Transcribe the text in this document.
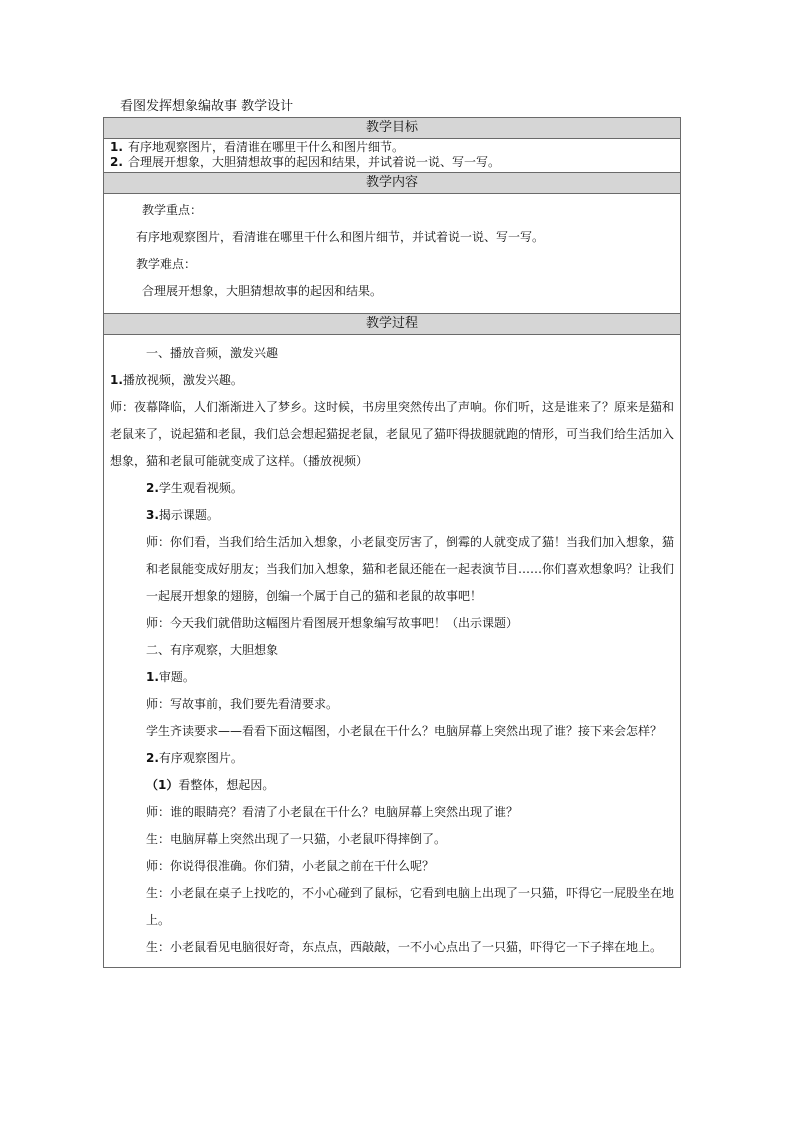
看图发挥想象编故事 教学设计
教学目标
1. 有序地观察图片，看清谁在哪里干什么和图片细节。
2. 合理展开想象，大胆猜想故事的起因和结果，并试着说一说、写一写。
教学内容

教学重点：

有序地观察图片，看清谁在哪里干什么和图片细节，并试着说一说、写一写。

教学难点：

合理展开想象，大胆猜想故事的起因和结果。

教学过程

一、播放音频，激发兴趣

1.播放视频，激发兴趣。

师：夜幕降临，人们渐渐进入了梦乡。这时候，书房里突然传出了声响。你们听，这是谁来了？原来是猫和老鼠来了，说起猫和老鼠，我们总会想起猫捉老鼠，老鼠见了猫吓得拔腿就跑的情形，可当我们给生活加入想象，猫和老鼠可能就变成了这样。（播放视频）

2.学生观看视频。

3.揭示课题。

师：你们看，当我们给生活加入想象，小老鼠变厉害了，倒霉的人就变成了猫！当我们加入想象，猫和老鼠能变成好朋友；当我们加入想象，猫和老鼠还能在一起表演节目……你们喜欢想象吗？让我们一起展开想象的翅膀，创编一个属于自己的猫和老鼠的故事吧！

师：今天我们就借助这幅图片看图展开想象编写故事吧！（出示课题）

二、有序观察，大胆想象

1.审题。

师：写故事前，我们要先看清要求。

学生齐读要求——看看下面这幅图，小老鼠在干什么？电脑屏幕上突然出现了谁？接下来会怎样？

2.有序观察图片。

（1）看整体，想起因。

师：谁的眼睛亮？看清了小老鼠在干什么？电脑屏幕上突然出现了谁？

生：电脑屏幕上突然出现了一只猫，小老鼠吓得摔倒了。

师：你说得很准确。你们猜，小老鼠之前在干什么呢？

生：小老鼠在桌子上找吃的，不小心碰到了鼠标，它看到电脑上出现了一只猫，吓得它一屁股坐在地上。

生：小老鼠看见电脑很好奇，东点点，西敲敲，一不小心点出了一只猫，吓得它一下子摔在地上。
